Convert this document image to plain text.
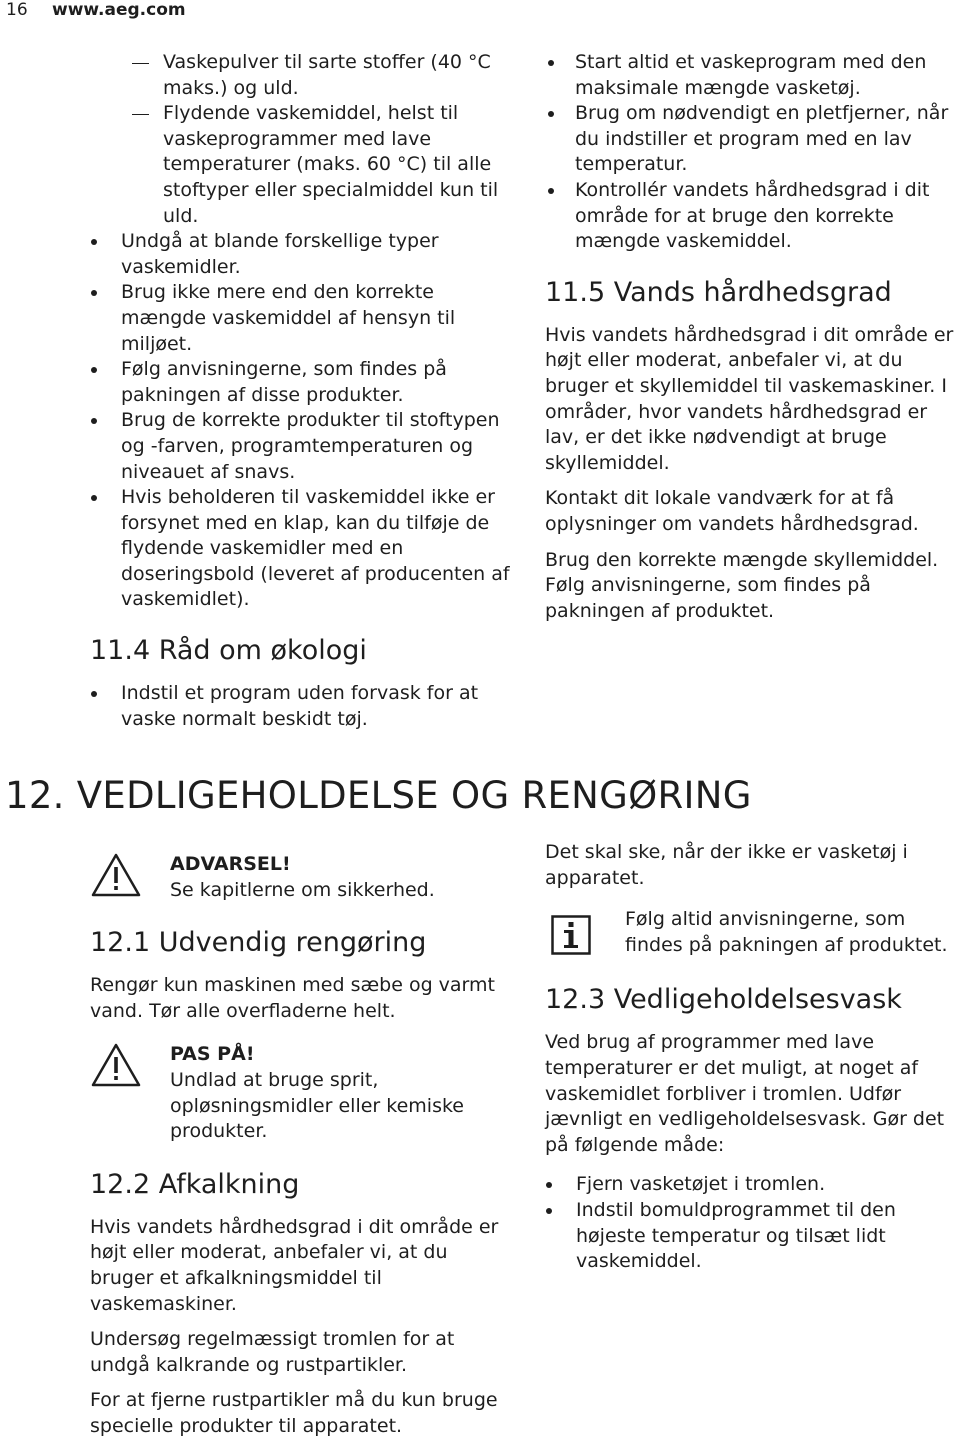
16 www.aeg.com
Vaskepulver til sarte stoffer (40 °C maks.) og uld.
Flydende vaskemiddel, helst til vaskeprogrammer med lave temperaturer (maks. 60 °C) til alle stoftyper eller specialmiddel kun til uld.
Undgå at blande forskellige typer vaskemidler.
Brug ikke mere end den korrekte mængde vaskemiddel af hensyn til miljøet.
Følg anvisningerne, som findes på pakningen af disse produkter.
Brug de korrekte produkter til stoftypen og -farven, programtemperaturen og niveauet af snavs.
Hvis beholderen til vaskemiddel ikke er forsynet med en klap, kan du tilføje de flydende vaskemidler med en doseringsbold (leveret af producenten af vaskemidlet).
11.4 Råd om økologi
Indstil et program uden forvask for at vaske normalt beskidt tøj.
Start altid et vaskeprogram med den maksimale mængde vasketøj.
Brug om nødvendigt en pletfjerner, når du indstiller et program med en lav temperatur.
Kontrollér vandets hårdhedsgrad i dit område for at bruge den korrekte mængde vaskemiddel.
11.5 Vands hårdhedsgrad

Hvis vandets hårdhedsgrad i dit område er højt eller moderat, anbefaler vi, at du bruger et skyllemiddel til vaskemaskiner. I områder, hvor vandets hårdhedsgrad er lav, er det ikke nødvendigt at bruge skyllemiddel.

Kontakt dit lokale vandværk for at få oplysninger om vandets hårdhedsgrad.

Brug den korrekte mængde skyllemiddel. Følg anvisningerne, som findes på pakningen af produktet.

12. VEDLIGEHOLDELSE OG RENGØRING
ADVARSEL!

Se kapitlerne om sikkerhed.

12.1 Udvendig rengøring

Rengør kun maskinen med sæbe og varmt vand. Tør alle overfladerne helt.

PAS PÅ!

Undlad at bruge sprit, opløsningsmidler eller kemiske produkter.

12.2 Afkalkning

Hvis vandets hårdhedsgrad i dit område er højt eller moderat, anbefaler vi, at du bruger et afkalkningsmiddel til vaskemaskiner.

Undersøg regelmæssigt tromlen for at undgå kalkrande og rustpartikler.

For at fjerne rustpartikler må du kun bruge specielle produkter til apparatet.

Det skal ske, når der ikke er vasketøj i apparatet.

Følg altid anvisningerne, som findes på pakningen af produktet.

12.3 Vedligeholdelsesvask

Ved brug af programmer med lave temperaturer er det muligt, at noget af vaskemidlet forbliver i tromlen. Udfør jævnligt en vedligeholdelsesvask. Gør det på følgende måde:

Fjern vasketøjet i tromlen.
Indstil bomuldprogrammet til den højeste temperatur og tilsæt lidt vaskemiddel.
